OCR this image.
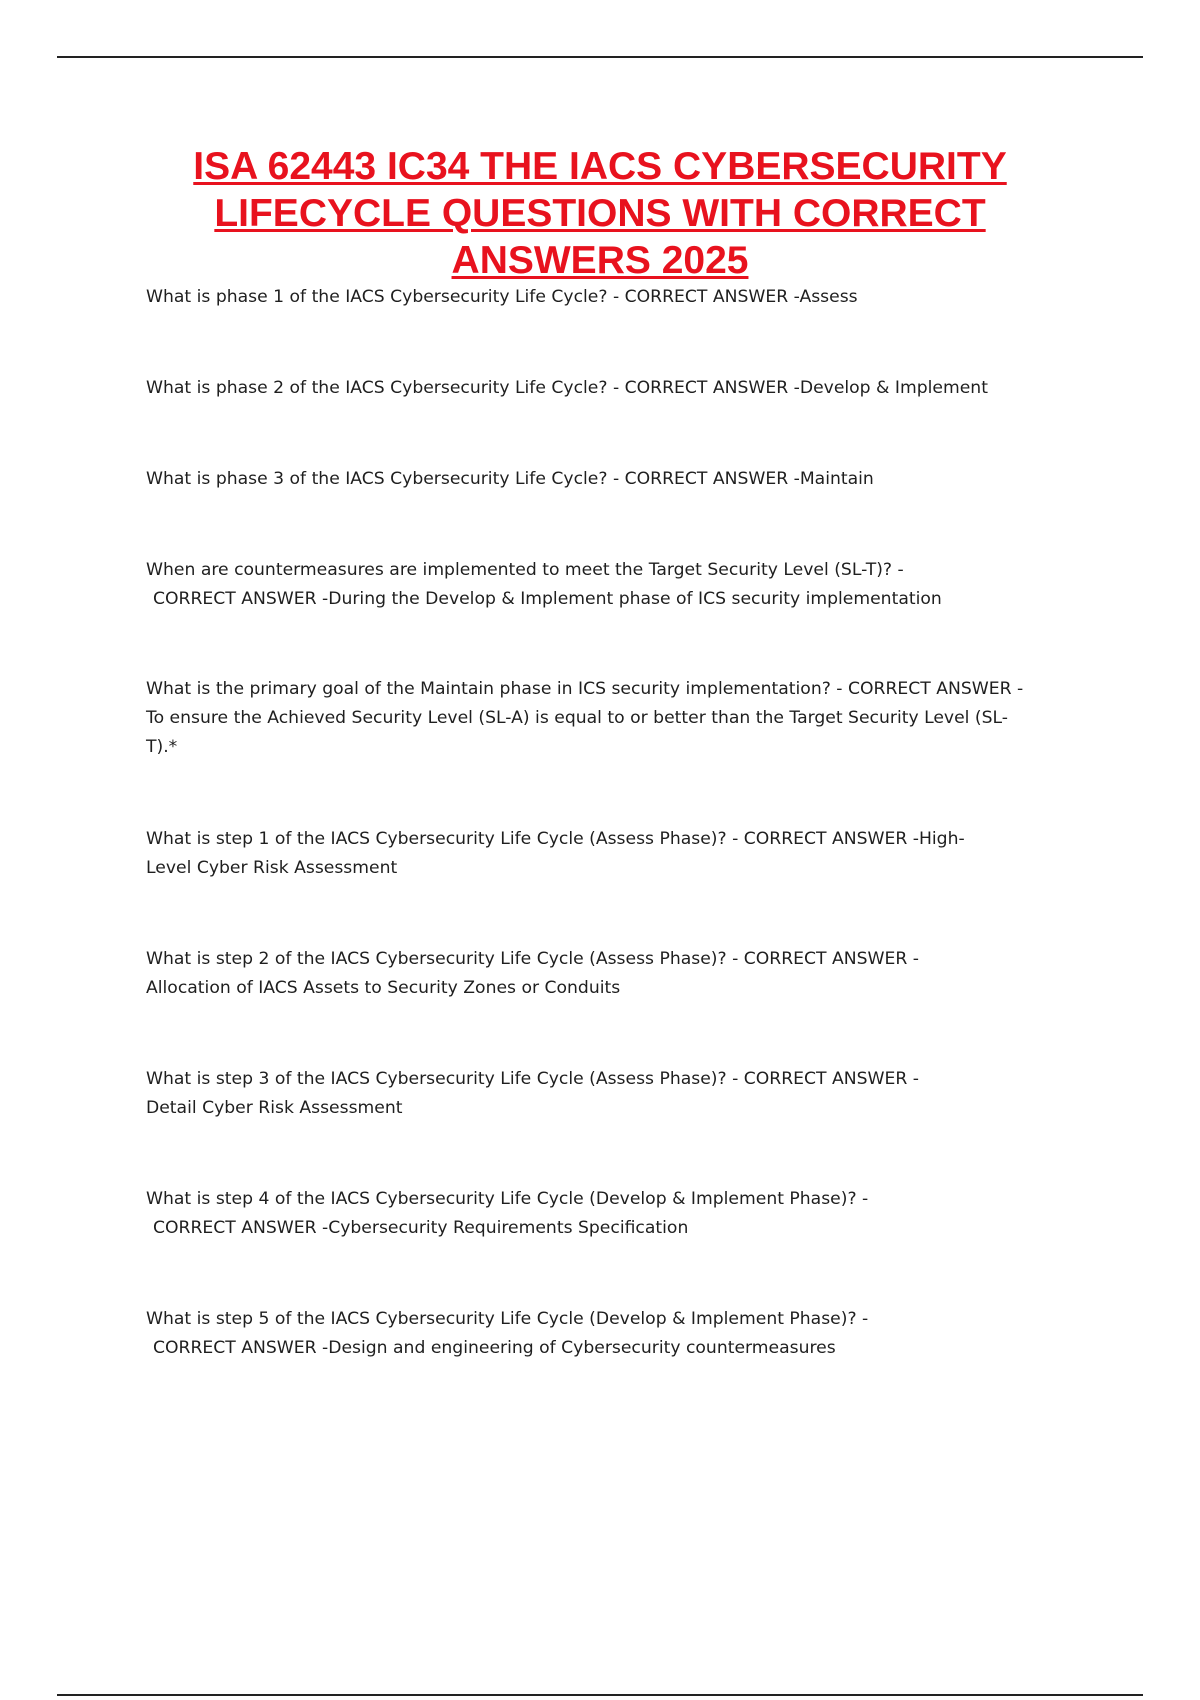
ISA 62443 IC34 THE IACS CYBERSECURITY
LIFECYCLE QUESTIONS WITH CORRECT
ANSWERS 2025

What is phase 1 of the IACS Cybersecurity Life Cycle? - CORRECT ANSWER -Assess

What is phase 2 of the IACS Cybersecurity Life Cycle? - CORRECT ANSWER -Develop & Implement

What is phase 3 of the IACS Cybersecurity Life Cycle? - CORRECT ANSWER -Maintain

When are countermeasures are implemented to meet the Target Security Level (SL-T)? -
CORRECT ANSWER -During the Develop & Implement phase of ICS security implementation

What is the primary goal of the Maintain phase in ICS security implementation? - CORRECT ANSWER -
To ensure the Achieved Security Level (SL-A) is equal to or better than the Target Security Level (SL-
T).*

What is step 1 of the IACS Cybersecurity Life Cycle (Assess Phase)? - CORRECT ANSWER -High-
Level Cyber Risk Assessment

What is step 2 of the IACS Cybersecurity Life Cycle (Assess Phase)? - CORRECT ANSWER -
Allocation of IACS Assets to Security Zones or Conduits

What is step 3 of the IACS Cybersecurity Life Cycle (Assess Phase)? - CORRECT ANSWER -
Detail Cyber Risk Assessment

What is step 4 of the IACS Cybersecurity Life Cycle (Develop & Implement Phase)? -
CORRECT ANSWER -Cybersecurity Requirements Specification

What is step 5 of the IACS Cybersecurity Life Cycle (Develop & Implement Phase)? -
CORRECT ANSWER -Design and engineering of Cybersecurity countermeasures
